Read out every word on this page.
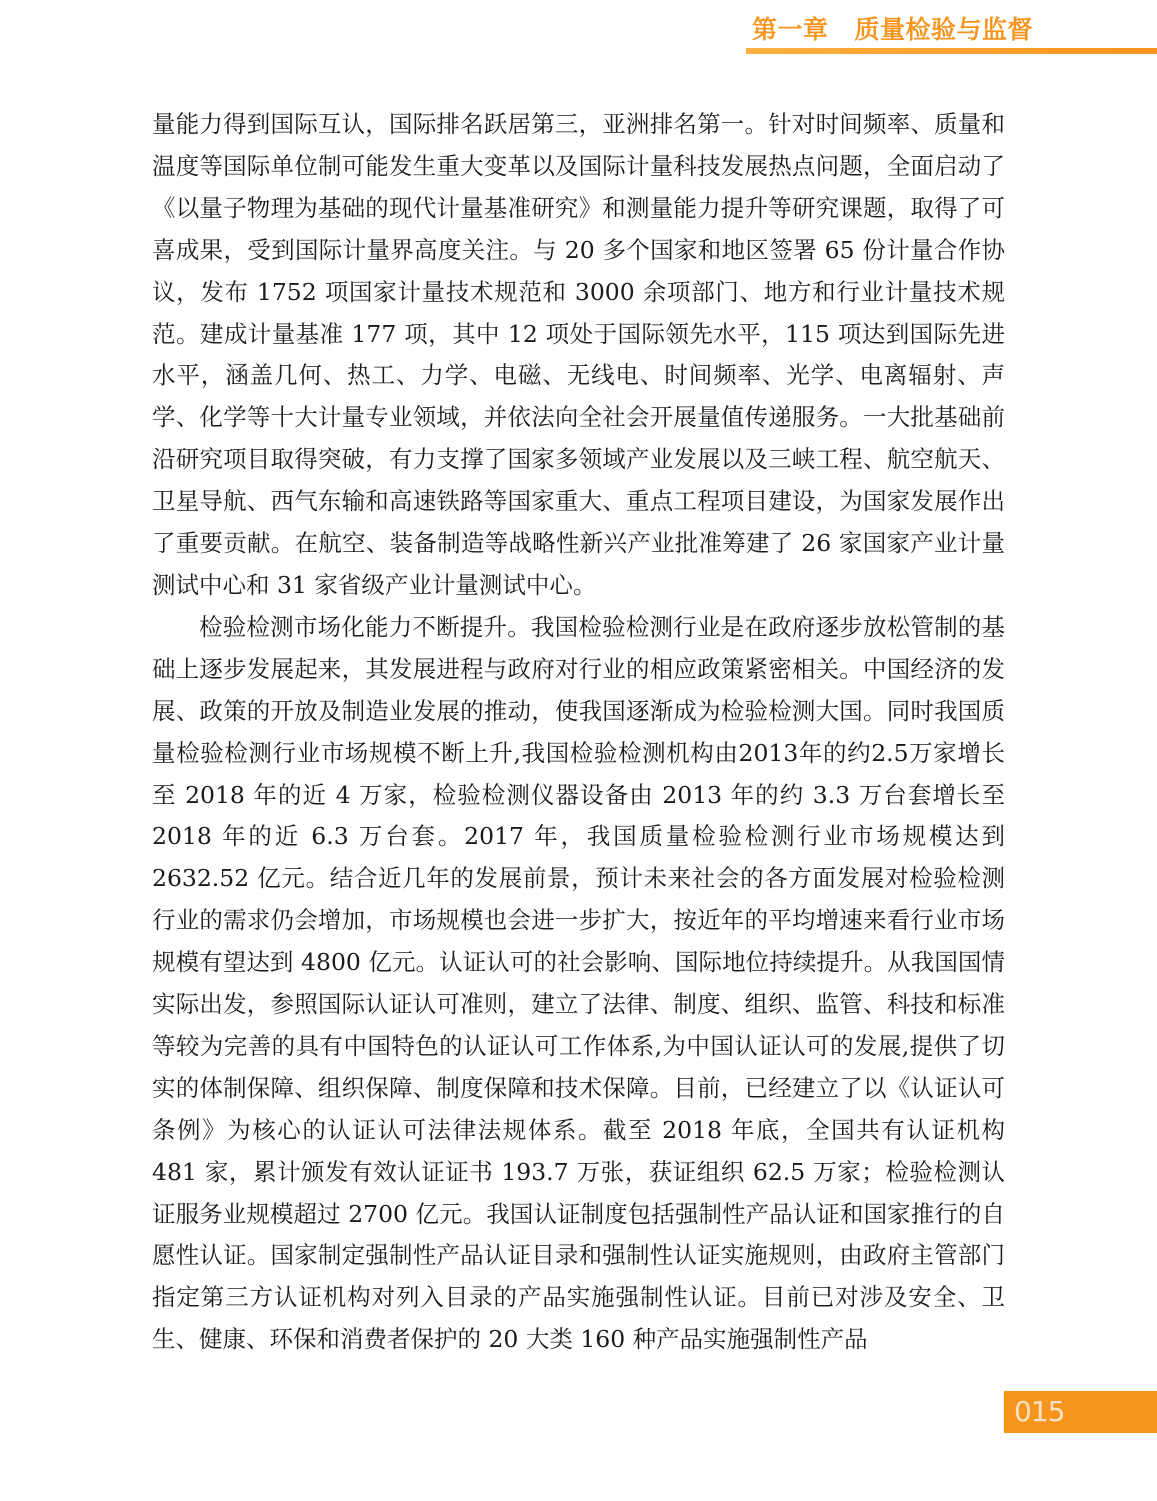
第一章 质量检验与监督

量能力得到国际互认，国际排名跃居第三，亚洲排名第一。针对时间频率、质量和温度等国际单位制可能发生重大变革以及国际计量科技发展热点问题，全面启动了《以量子物理为基础的现代计量基准研究》和测量能力提升等研究课题，取得了可喜成果，受到国际计量界高度关注。与 20 多个国家和地区签署 65 份计量合作协议，发布 1752 项国家计量技术规范和 3000 余项部门、地方和行业计量技术规范。建成计量基准 177 项，其中 12 项处于国际领先水平，115 项达到国际先进水平，涵盖几何、热工、力学、电磁、无线电、时间频率、光学、电离辐射、声学、化学等十大计量专业领域，并依法向全社会开展量值传递服务。一大批基础前沿研究项目取得突破，有力支撑了国家多领域产业发展以及三峡工程、航空航天、卫星导航、西气东输和高速铁路等国家重大、重点工程项目建设，为国家发展作出了重要贡献。在航空、装备制造等战略性新兴产业批准筹建了 26 家国家产业计量测试中心和 31 家省级产业计量测试中心。

检验检测市场化能力不断提升。我国检验检测行业是在政府逐步放松管制的基础上逐步发展起来，其发展进程与政府对行业的相应政策紧密相关。中国经济的发展、政策的开放及制造业发展的推动，使我国逐渐成为检验检测大国。同时我国质量检验检测行业市场规模不断上升,我国检验检测机构由2013年的约2.5万家增长至 2018 年的近 4 万家，检验检测仪器设备由 2013 年的约 3.3 万台套增长至 2018 年的近 6.3 万台套。2017 年，我国质量检验检测行业市场规模达到2632.52 亿元。结合近几年的发展前景，预计未来社会的各方面发展对检验检测行业的需求仍会增加，市场规模也会进一步扩大，按近年的平均增速来看行业市场规模有望达到 4800 亿元。认证认可的社会影响、国际地位持续提升。从我国国情实际出发，参照国际认证认可准则，建立了法律、制度、组织、监管、科技和标准等较为完善的具有中国特色的认证认可工作体系,为中国认证认可的发展,提供了切实的体制保障、组织保障、制度保障和技术保障。目前，已经建立了以《认证认可条例》为核心的认证认可法律法规体系。截至 2018 年底，全国共有认证机构 481 家，累计颁发有效认证证书 193.7 万张，获证组织 62.5 万家；检验检测认证服务业规模超过 2700 亿元。我国认证制度包括强制性产品认证和国家推行的自愿性认证。国家制定强制性产品认证目录和强制性认证实施规则，由政府主管部门指定第三方认证机构对列入目录的产品实施强制性认证。目前已对涉及安全、卫生、健康、环保和消费者保护的 20 大类 160 种产品实施强制性产品

015
